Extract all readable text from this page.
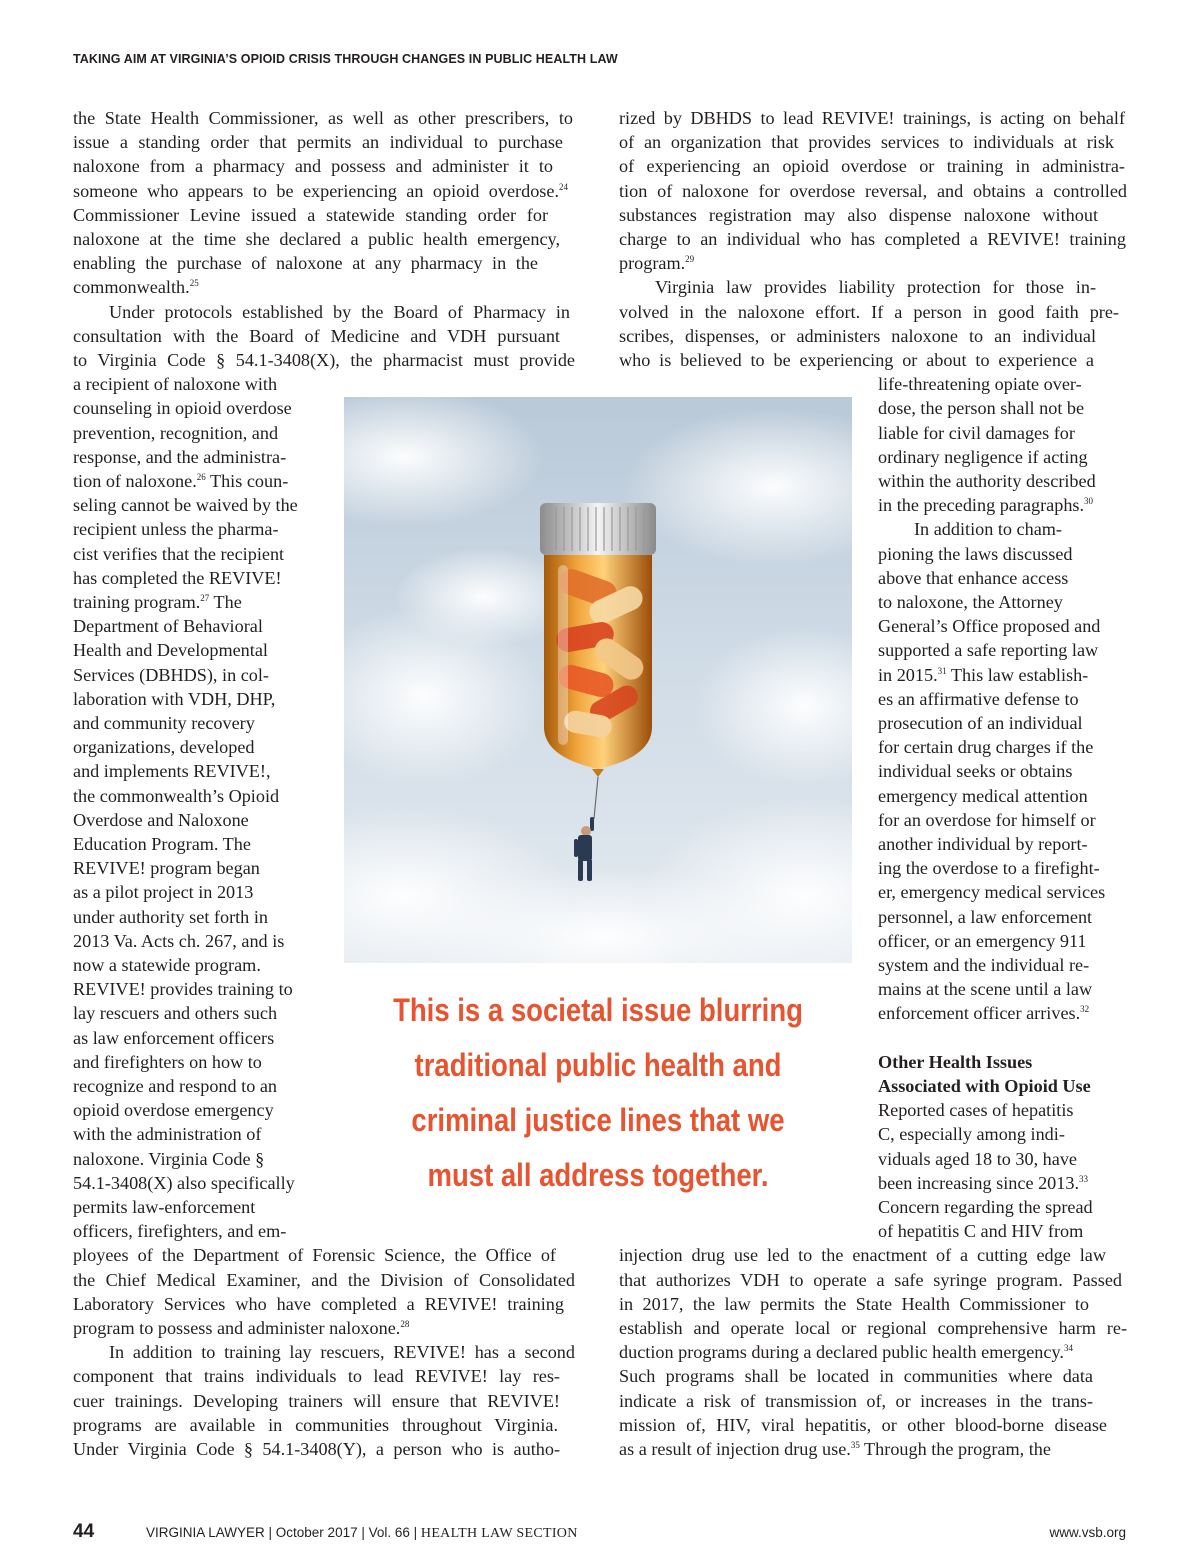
TAKING AIM AT VIRGINIA’S OPIOID CRISIS THROUGH CHANGES IN PUBLIC HEALTH LAW
the State Health Commissioner, as well as other prescribers, to
issue a standing order that permits an individual to purchase
naloxone from a pharmacy and possess and administer it to
someone who appears to be experiencing an opioid overdose.$^{24}$
Commissioner Levine issued a statewide standing order for
naloxone at the time she declared a public health emergency,
enabling the purchase of naloxone at any pharmacy in the
commonwealth.$^{25}$
Under protocols established by the Board of Pharmacy in
consultation with the Board of Medicine and VDH pursuant
to Virginia Code § 54.1-3408(X), the pharmacist must provide
a recipient of naloxone with
counseling in opioid overdose
prevention, recognition, and
response, and the administra-
tion of naloxone.$^{26}$ This coun-
seling cannot be waived by the
recipient unless the pharma-
cist verifies that the recipient
has completed the REVIVE!
training program.$^{27}$ The
Department of Behavioral
Health and Developmental
Services (DBHDS), in col-
laboration with VDH, DHP,
and community recovery
organizations, developed
and implements REVIVE!,
the commonwealth’s Opioid
Overdose and Naloxone
Education Program. The
REVIVE! program began
as a pilot project in 2013
under authority set forth in
2013 Va. Acts ch. 267, and is
now a statewide program.
REVIVE! provides training to
lay rescuers and others such
as law enforcement officers
and firefighters on how to
recognize and respond to an
opioid overdose emergency
with the administration of
naloxone. Virginia Code §
54.1-3408(X) also specifically
permits law-enforcement
officers, firefighters, and em-
ployees of the Department of Forensic Science, the Office of
the Chief Medical Examiner, and the Division of Consolidated
Laboratory Services who have completed a REVIVE! training
program to possess and administer naloxone.$^{28}$
In addition to training lay rescuers, REVIVE! has a second
component that trains individuals to lead REVIVE! lay res-
cuer trainings. Developing trainers will ensure that REVIVE!
programs are available in communities throughout Virginia.
Under Virginia Code § 54.1-3408(Y), a person who is autho-
rized by DBHDS to lead REVIVE! trainings, is acting on behalf
of an organization that provides services to individuals at risk
of experiencing an opioid overdose or training in administra-
tion of naloxone for overdose reversal, and obtains a controlled
substances registration may also dispense naloxone without
charge to an individual who has completed a REVIVE! training
program.$^{29}$
Virginia law provides liability protection for those in-
volved in the naloxone effort. If a person in good faith pre-
scribes, dispenses, or administers naloxone to an individual
who is believed to be experiencing or about to experience a
life-threatening opiate over-
dose, the person shall not be
liable for civil damages for
ordinary negligence if acting
within the authority described
in the preceding paragraphs.$^{30}$
In addition to cham-
pioning the laws discussed
above that enhance access
to naloxone, the Attorney
General’s Office proposed and
supported a safe reporting law
in 2015.31 This law establish-
es an affirmative defense to
prosecution of an individual
for certain drug charges if the
individual seeks or obtains
emergency medical attention
for an overdose for himself or
another individual by report-
ing the overdose to a firefight-
er, emergency medical services
personnel, a law enforcement
officer, or an emergency 911
system and the individual re-
mains at the scene until a law
enforcement officer arrives.$^{32}$
Other Health Issues
Associated with Opioid Use
Reported cases of hepatitis
C, especially among indi-
viduals aged 18 to 30, have
been increasing since 2013.33
Concern regarding the spread
of hepatitis C and HIV from
injection drug use led to the enactment of a cutting edge law
that authorizes VDH to operate a safe syringe program. Passed
in 2017, the law permits the State Health Commissioner to
establish and operate local or regional comprehensive harm re-
duction programs during a declared public health emergency.$^{34}$
Such programs shall be located in communities where data
indicate a risk of transmission of, or increases in the trans-
mission of, HIV, viral hepatitis, or other blood-borne disease
as a result of injection drug use.$^{35}$ Through the program, the
This is a societal issue blurring
traditional public health and
criminal justice lines that we
must all address together.
44	VIRGINIA LAWYER | October 2017 | Vol. 66 | HEALTH LAW SECTION	www.vsb.org
